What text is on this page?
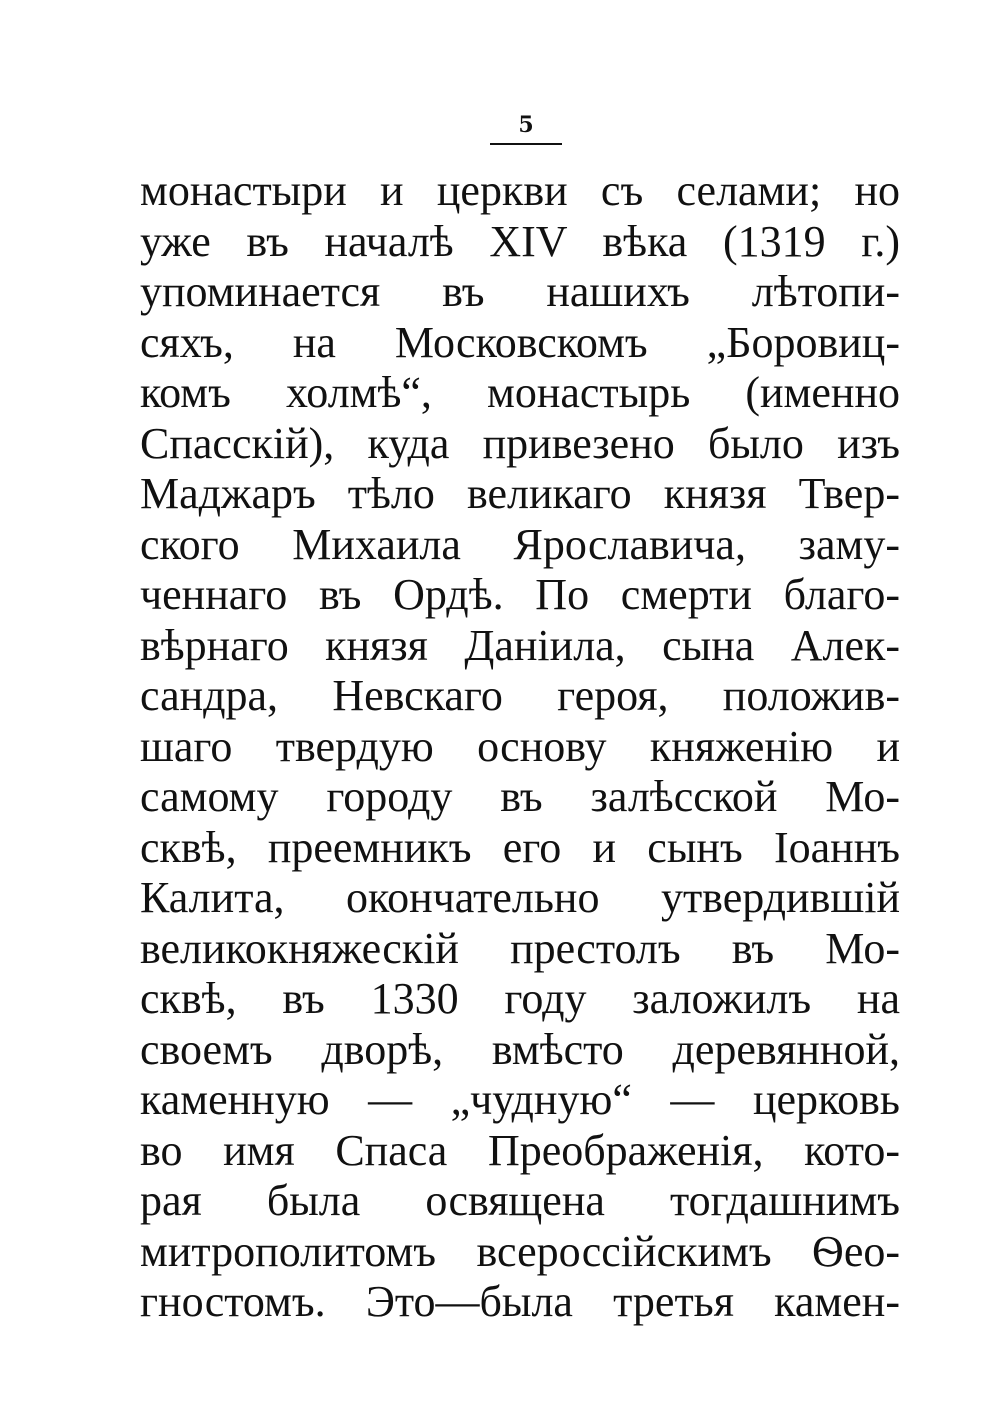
5
монастыри и церкви съ селами; но
уже въ началѣ XIV вѣка (1319 г.)
упоминается въ нашихъ лѣтопи-
сяхъ, на Московскомъ „Боровиц-
комъ холмѣ“, монастырь (именно
Спасскій), куда привезено было изъ
Маджаръ тѣло великаго князя Твер-
ского Михаила Ярославича, заму-
ченнаго въ Ордѣ. По смерти благо-
вѣрнаго князя Даніила, сына Алек-
сандра, Невскаго героя, положив-
шаго твердую основу княженію и
самому городу въ залѣсской Мо-
сквѣ, преемникъ его и сынъ Іоаннъ
Калита, окончательно утвердившій
великокняжескій престолъ въ Мо-
сквѣ, въ 1330 году заложилъ на
своемъ дворѣ, вмѣсто деревянной,
каменную — „чудную“ — церковь
во имя Спаса Преображенія, кото-
рая была освящена тогдашнимъ
митрополитомъ всероссійскимъ Ѳео-
гностомъ. Это—была третья камен-
